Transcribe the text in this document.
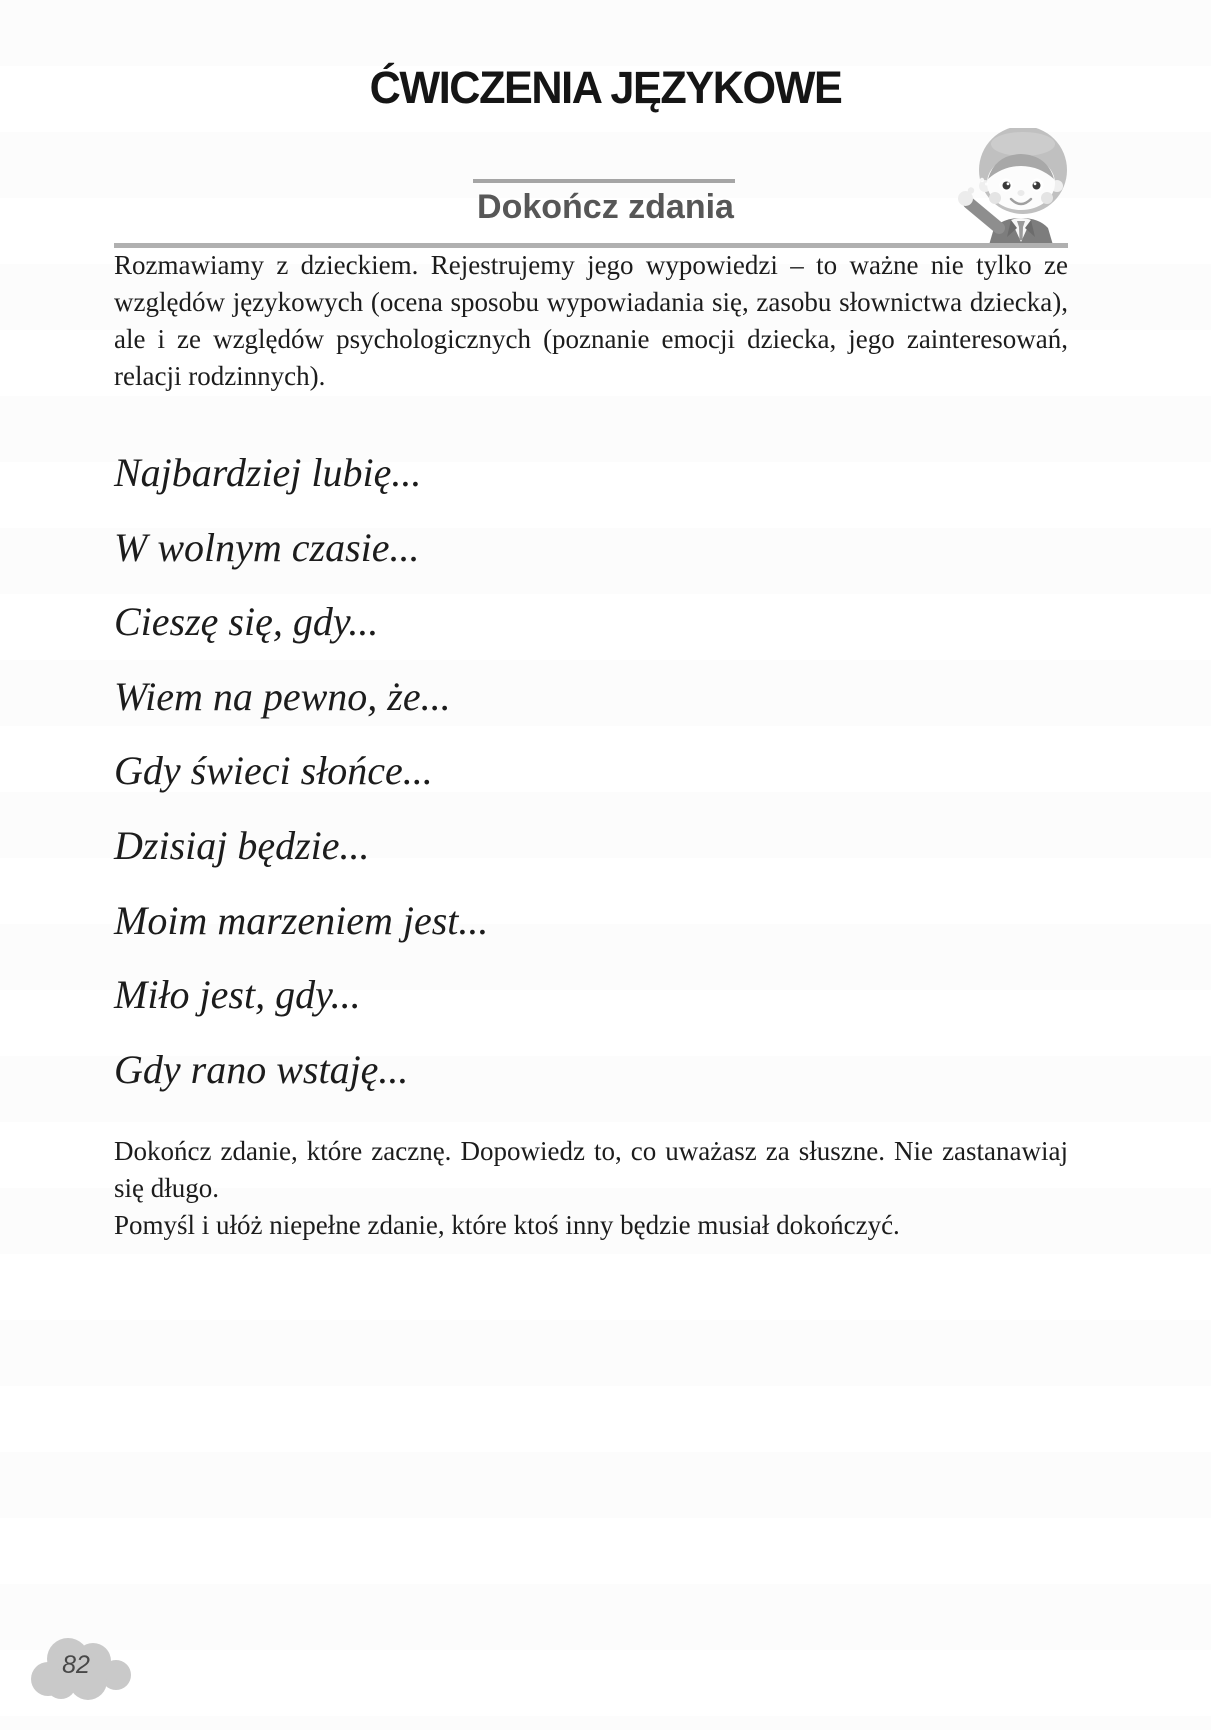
ĆWICZENIA JĘZYKOWE
Dokończ zdania

Rozmawiamy z dzieckiem. Rejestrujemy jego wypowiedzi – to ważne nie tylko ze względów językowych (ocena sposobu wypowiadania się, zasobu słownictwa dziecka), ale i ze względów psychologicznych (poznanie emocji dziecka, jego zainteresowań, relacji rodzinnych).

Najbardziej lubię...

W wolnym czasie...

Cieszę się, gdy...

Wiem na pewno, że...

Gdy świeci słońce...

Dzisiaj będzie...

Moim marzeniem jest...

Miło jest, gdy...

Gdy rano wstaję...

Dokończ zdanie, które zacznę. Dopowiedz to, co uważasz za słuszne. Nie zastanawiaj się długo.

Pomyśl i ułóż niepełne zdanie, które ktoś inny będzie musiał dokończyć.

82
